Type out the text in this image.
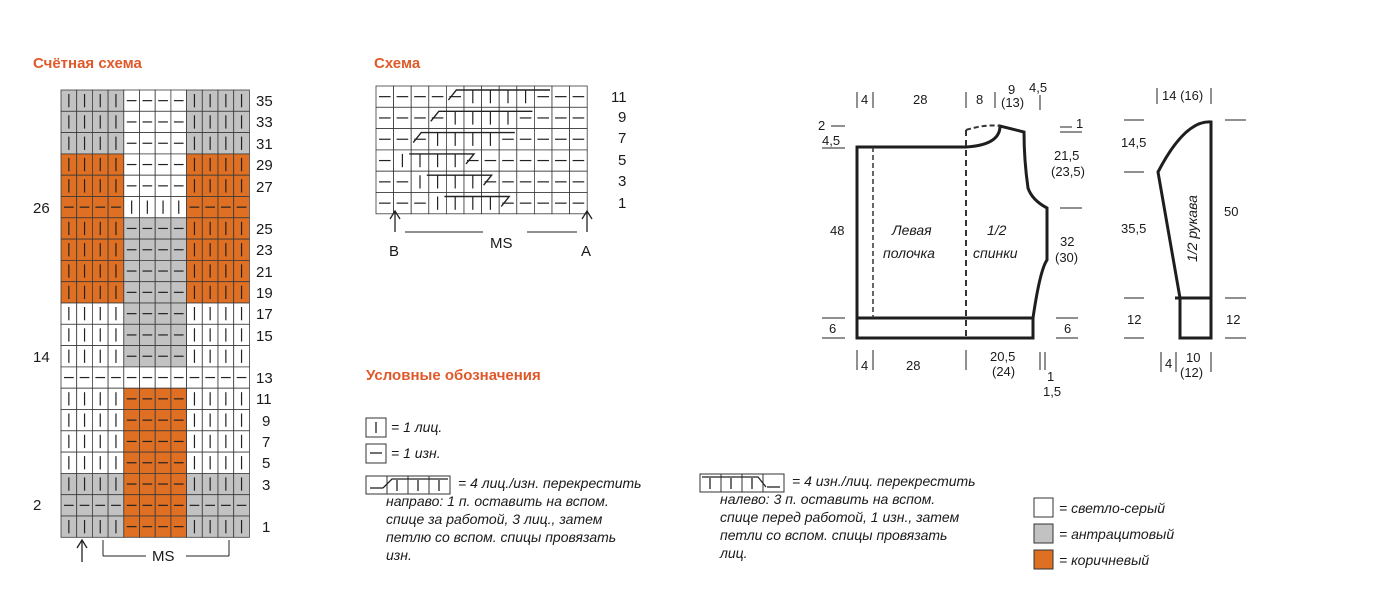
Счётная схема	Схема
Условные обозначения
35
33
31
29
27
25
23
21
19
17
15
13
11
9
7
5
3
1
26
14
2
MS
11
9
7
5
3
1
B	MS	A
4	28	8
9
(13)
4,5
2
4,5
48
6
1
21,5
(23,5)
32
(30)
6
4	28
20,5
(24) 1
1,5
Левая
полочка
1/2
спинки
14 (16)
14,5
35,5
12
50
12
4 10
(12)
1/2 рукава
= 1 лиц.
= 1 изн.
= 4 лиц./изн. перекрестить
направо: 1 п. оставить на вспом.
спице за работой, 3 лиц., затем
петлю со вспом. спицы провязать
изн.
= 4 изн./лиц. перекрестить
налево: 3 п. оставить на вспом.
спице перед работой, 1 изн., затем
петли со вспом. спицы провязать
лиц.
= светло-серый
= антрацитовый
= коричневый
